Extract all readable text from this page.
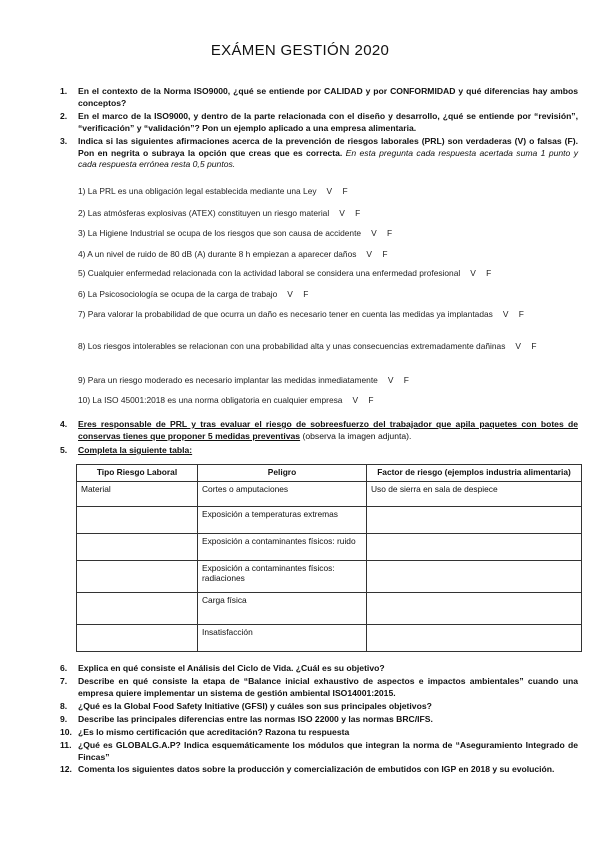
EXÁMEN GESTIÓN 2020
1. En el contexto de la Norma ISO9000, ¿qué se entiende por CALIDAD y por CONFORMIDAD y qué diferencias hay ambos conceptos?
2. En el marco de la ISO9000, y dentro de la parte relacionada con el diseño y desarrollo, ¿qué se entiende por “revisión”, “verificación” y “validación”? Pon un ejemplo aplicado a una empresa alimentaria.
3. Indica si las siguientes afirmaciones acerca de la prevención de riesgos laborales (PRL) son verdaderas (V) o falsas (F). Pon en negrita o subraya la opción que creas que es correcta. En esta pregunta cada respuesta acertada suma 1 punto y cada respuesta errónea resta 0,5 puntos.
1) La PRL es una obligación legal establecida mediante una Ley V F
2) Las atmósferas explosivas (ATEX) constituyen un riesgo material V F
3) La Higiene Industrial se ocupa de los riesgos que son causa de accidente V F
4) A un nivel de ruido de 80 dB (A) durante 8 h empiezan a aparecer daños V F
5) Cualquier enfermedad relacionada con la actividad laboral se considera una enfermedad profesional V F
6) La Psicosociología se ocupa de la carga de trabajo V F
7) Para valorar la probabilidad de que ocurra un daño es necesario tener en cuenta las medidas ya implantadas V F
8) Los riesgos intolerables se relacionan con una probabilidad alta y unas consecuencias extremadamente dañinas V F
9) Para un riesgo moderado es necesario implantar las medidas inmediatamente V F
10) La ISO 45001:2018 es una norma obligatoria en cualquier empresa V F
4. Eres responsable de PRL y tras evaluar el riesgo de sobreesfuerzo del trabajador que apila paquetes con botes de conservas tienes que proponer 5 medidas preventivas (observa la imagen adjunta).
5. Completa la siguiente tabla:
Tipo Riesgo Laboral	Peligro	Factor de riesgo (ejemplos industria alimentaria)
Material	Cortes o amputaciones	Uso de sierra en sala de despiece
	Exposición a temperaturas extremas	
	Exposición a contaminantes físicos: ruido	
	Exposición a contaminantes físicos: radiaciones	
	Carga física	
	Insatisfacción	
6. Explica en qué consiste el Análisis del Ciclo de Vida. ¿Cuál es su objetivo?
7. Describe en qué consiste la etapa de “Balance inicial exhaustivo de aspectos e impactos ambientales” cuando una empresa quiere implementar un sistema de gestión ambiental ISO14001:2015.
8. ¿Qué es la Global Food Safety Initiative (GFSI) y cuáles son sus principales objetivos?
9. Describe las principales diferencias entre las normas ISO 22000 y las normas BRC/IFS.
10. ¿Es lo mismo certificación que acreditación? Razona tu respuesta
11. ¿Qué es GLOBALG.A.P? Indica esquemáticamente los módulos que integran la norma de “Aseguramiento Integrado de Fincas”
12. Comenta los siguientes datos sobre la producción y comercialización de embutidos con IGP en 2018 y su evolución.
